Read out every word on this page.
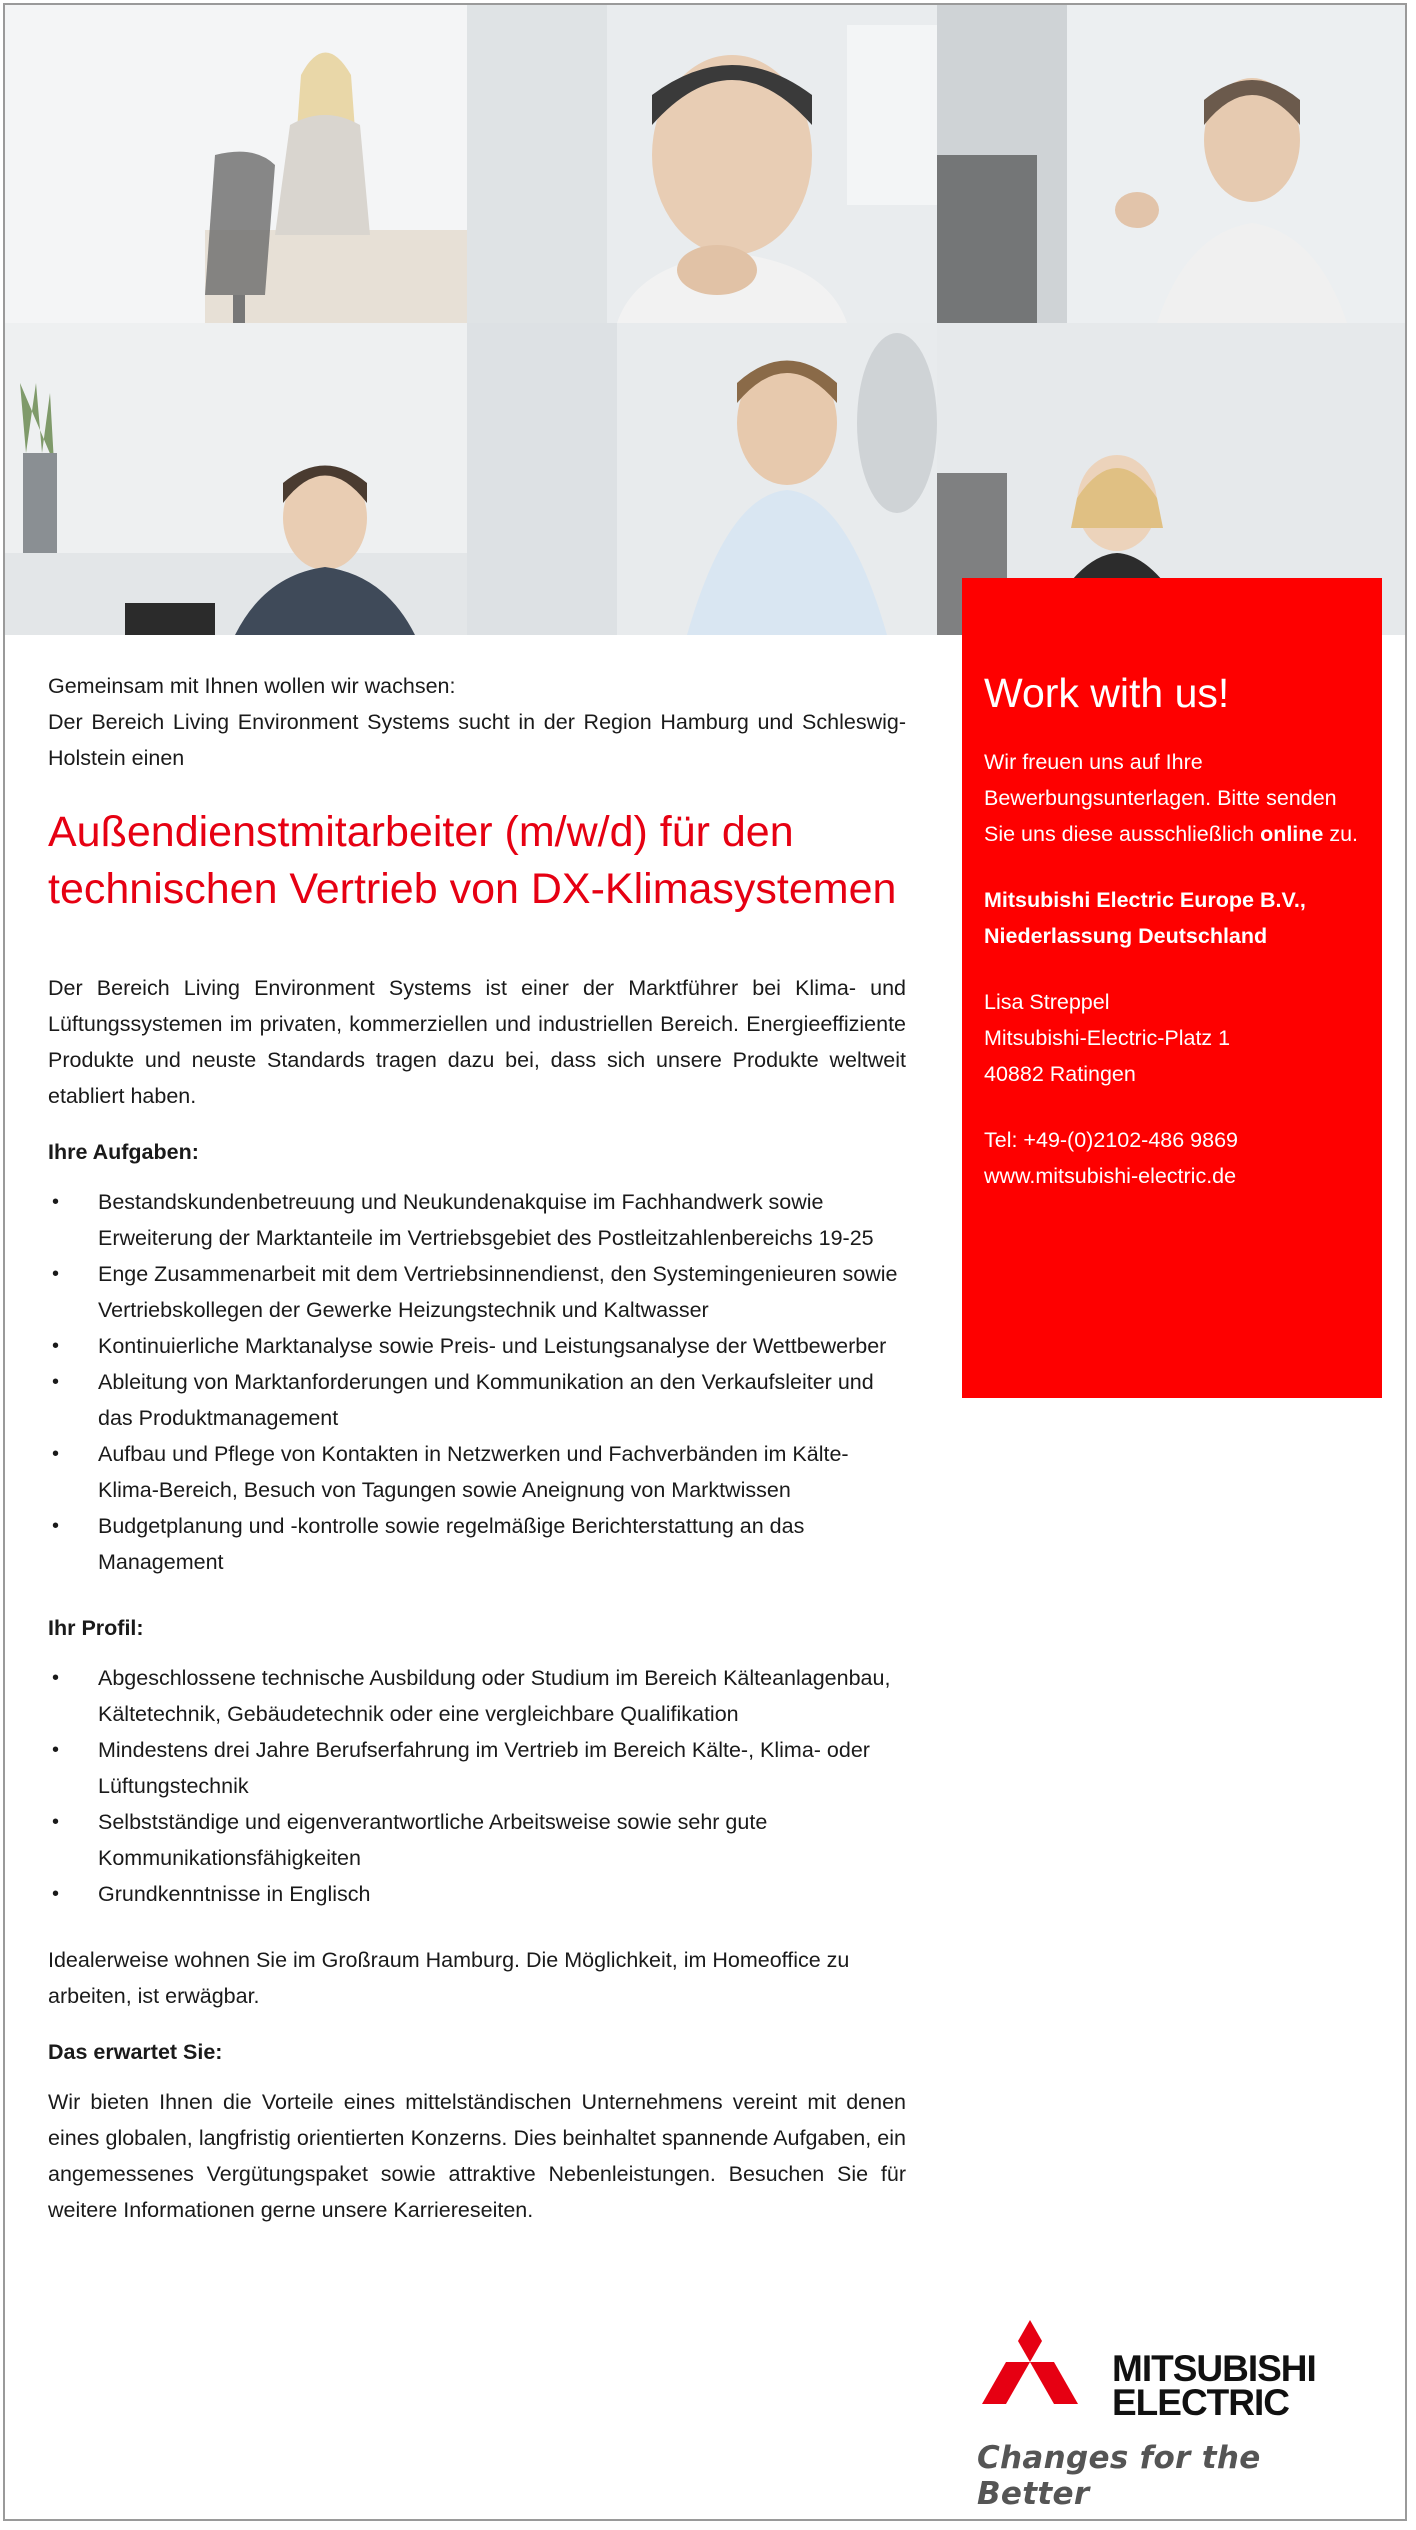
Work with us!

Wir freuen uns auf Ihre Bewerbungsunterlagen. Bitte senden Sie uns diese ausschließlich online zu.

Mitsubishi Electric Europe B.V.,

Niederlassung Deutschland

Lisa Streppel

Mitsubishi-Electric-Platz 1

40882 Ratingen

Tel: +49-(0)2102-486 9869

www.mitsubishi-electric.de

Gemeinsam mit Ihnen wollen wir wachsen:

Der Bereich Living Environment Systems sucht in der Region Hamburg und Schleswig-Holstein einen

Außendienstmitarbeiter (m/w/d) für den technischen Vertrieb von DX-Klimasystemen

Der Bereich Living Environment Systems ist einer der Marktführer bei Klima- und Lüftungssystemen im privaten, kommerziellen und industriellen Bereich. Energieeffiziente Produkte und neuste Standards tragen dazu bei, dass sich unsere Produkte weltweit etabliert haben.

Ihre Aufgaben:
• Bestandskundenbetreuung und Neukundenakquise im Fachhandwerk sowie Erweiterung der Marktanteile im Vertriebsgebiet des Postleitzahlenbereichs 19-25
• Enge Zusammenarbeit mit dem Vertriebsinnendienst, den Systemingenieuren sowie Vertriebskollegen der Gewerke Heizungstechnik und Kaltwasser
• Kontinuierliche Marktanalyse sowie Preis- und Leistungsanalyse der Wettbewerber
• Ableitung von Marktanforderungen und Kommunikation an den Verkaufsleiter und das Produktmanagement
• Aufbau und Pflege von Kontakten in Netzwerken und Fachverbänden im Kälte-Klima-Bereich, Besuch von Tagungen sowie Aneignung von Marktwissen
• Budgetplanung und -kontrolle sowie regelmäßige Berichterstattung an das Management
Ihr Profil:
• Abgeschlossene technische Ausbildung oder Studium im Bereich Kälteanlagenbau, Kältetechnik, Gebäudetechnik oder eine vergleichbare Qualifikation
• Mindestens drei Jahre Berufserfahrung im Vertrieb im Bereich Kälte-, Klima- oder Lüftungstechnik
• Selbstständige und eigenverantwortliche Arbeitsweise sowie sehr gute Kommunikationsfähigkeiten
• Grundkenntnisse in Englisch

Idealerweise wohnen Sie im Großraum Hamburg. Die Möglichkeit, im Homeoffice zu arbeiten, ist erwägbar.

Das erwartet Sie:

Wir bieten Ihnen die Vorteile eines mittelständischen Unternehmens vereint mit denen eines globalen, langfristig orientierten Konzerns. Dies beinhaltet spannende Aufgaben, ein angemessenes Vergütungspaket sowie attraktive Nebenleistungen. Besuchen Sie für weitere Informationen gerne unsere Karriereseiten.

MITSUBISHI
ELECTRIC
Changes for the Better
